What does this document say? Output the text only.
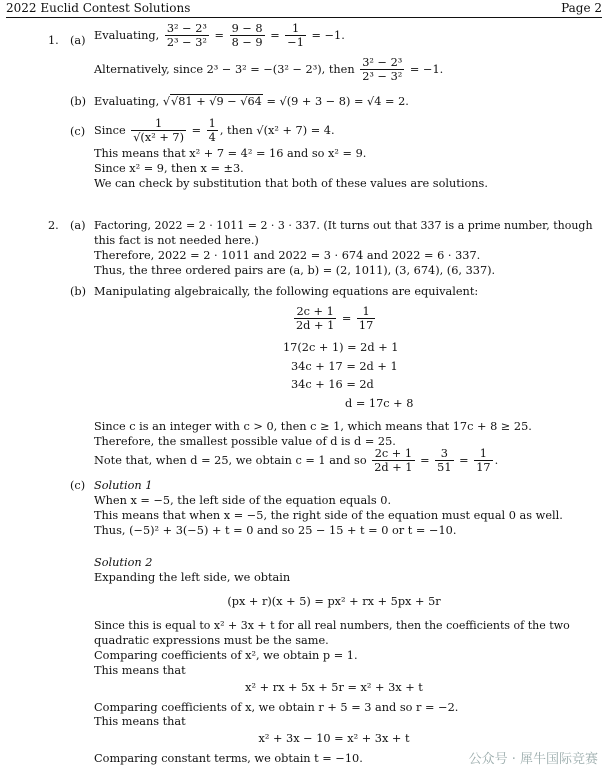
2022 Euclid Contest Solutions	Page 2
1. (a) Evaluating, $\frac{\text{3² − 2³}}{\text{2³ − 3²}} = \frac{9 - 8}{8 - 9} = \frac{1}{-1} = -1$.
Alternatively, since 2³ − 3² = −(3² − 2³), then $\frac{\text{3² − 2³}}{\text{2³ − 3²}} = -1$.
(b) Evaluating, √√81 + √9 − √64 = √(9 + 3 − 8) = √4 = 2.
(c) Since $\frac{1}{\text{√(x² + 7)}} = \frac{1}{4}$ , then √(x² + 7) = 4.
This means that x² + 7 = 4² = 16 and so x² = 9.
Since x² = 9, then x = ±3.
We can check by substitution that both of these values are solutions.
2. (a) Factoring, 2022 = 2 · 1011 = 2 · 3 · 337. (It turns out that 337 is a prime number, though
this fact is not needed here.)
Therefore, 2022 = 2 · 1011 and 2022 = 3 · 674 and 2022 = 6 · 337.
Thus, the three ordered pairs are (a, b) = (2, 1011), (3, 674), (6, 337).
(b) Manipulating algebraically, the following equations are equivalent:
$\frac{2c + 1}{2d + 1} = \frac{1}{17}$
17(2c + 1) = 2d + 1
34c + 17 = 2d + 1
34c + 16 = 2d
d = 17c + 8
Since c is an integer with c > 0, then c ≥ 1, which means that 17c + 8 ≥ 25.
Therefore, the smallest possible value of d is d = 25.
Note that, when d = 25, we obtain c = 1 and so $\frac{2c + 1}{2d + 1} = \frac{3}{51} = \frac{1}{17}$ .
(c) Solution 1
When x = −5, the left side of the equation equals 0.
This means that when x = −5, the right side of the equation must equal 0 as well.
Thus, (−5)² + 3(−5) + t = 0 and so 25 − 15 + t = 0 or t = −10.
Solution 2
Expanding the left side, we obtain
(px + r)(x + 5) = px² + rx + 5px + 5r
Since this is equal to x² + 3x + t for all real numbers, then the coefficients of the two
quadratic expressions must be the same.
Comparing coefficients of x², we obtain p = 1.
This means that
x² + rx + 5x + 5r = x² + 3x + t
Comparing coefficients of x, we obtain r + 5 = 3 and so r = −2.
This means that
x² + 3x − 10 = x² + 3x + t
Comparing constant terms, we obtain t = −10.	公众号 · 犀牛国际竞赛
